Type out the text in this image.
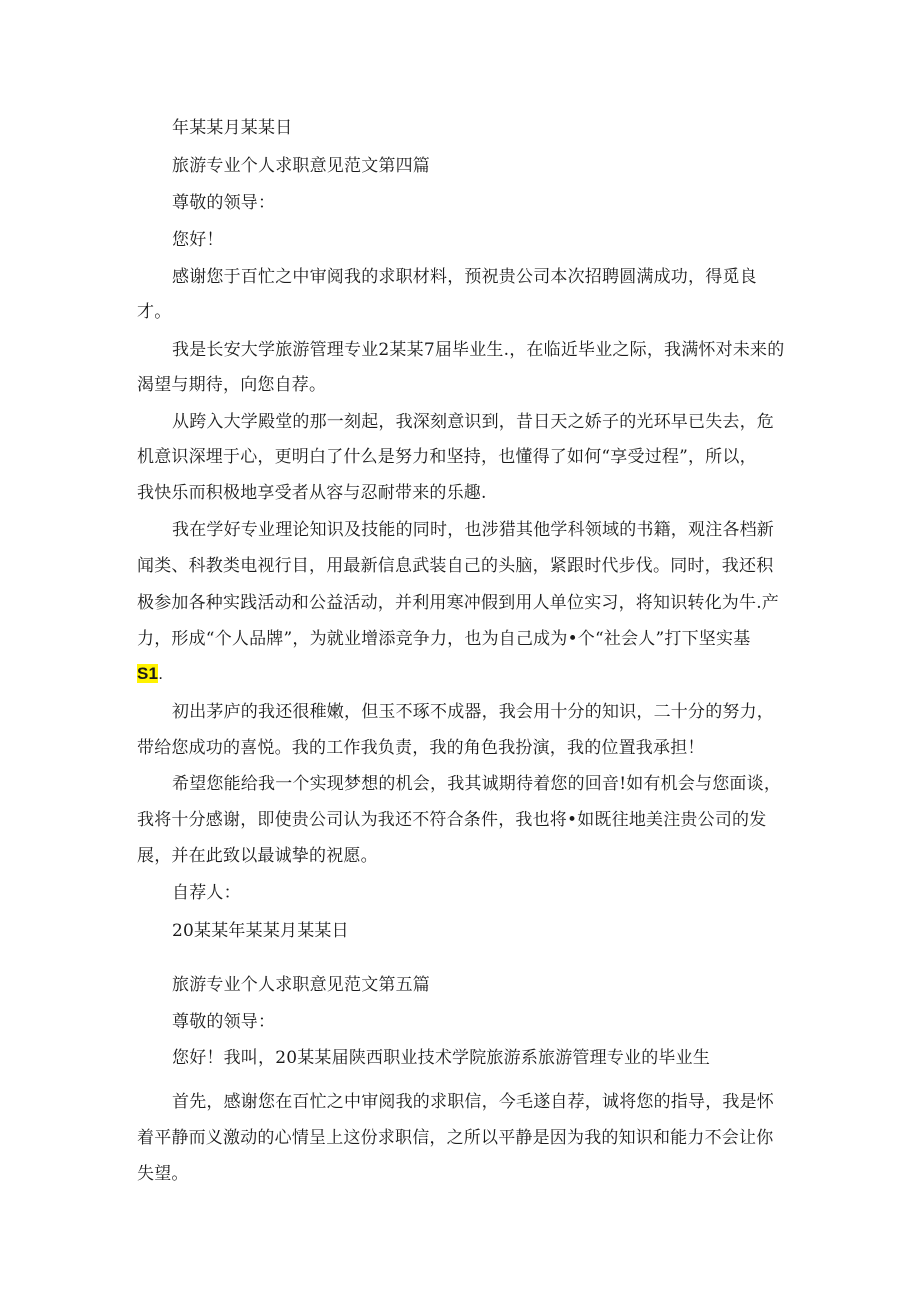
年某某月某某日
旅游专业个人求职意见范文第四篇
尊敬的领导：
您好！
感谢您于百忙之中审阅我的求职材料，预祝贵公司本次招聘圆满成功，得觅良
才。
我是长安大学旅游管理专业2某某7届毕业生.，在临近毕业之际，我满怀对未来的
渴望与期待，向您自荐。
从跨入大学殿堂的那一刻起，我深刻意识到，昔日天之娇子的光环早已失去，危
机意识深埋于心，更明白了什么是努力和坚持，也懂得了如何“享受过程”，所以，
我快乐而积极地享受者从容与忍耐带来的乐趣.
我在学好专业理论知识及技能的同时，也涉猎其他学科领域的书籍，观注各档新
闻类、科教类电视行目，用最新信息武装自己的头脑，紧跟时代步伐。同时，我还积
极参加各种实践活动和公益活动，并利用寒冲假到用人单位实习，将知识转化为牛.产
力，形成“个人品牌”，为就业增添竞争力，也为自己成为•个“社会人”打下坚实基
S1.
初出茅庐的我还很稚嫩，但玉不琢不成器，我会用十分的知识，二十分的努力，
带给您成功的喜悦。我的工作我负责，我的角色我扮演，我的位置我承担！
希望您能给我一个实现梦想的机会，我其诚期待着您的回音!如有机会与您面谈，
我将十分感谢，即使贵公司认为我还不符合条件，我也将•如既往地美注贵公司的发
展，并在此致以最诚挚的祝愿。
自荐人：
20某某年某某月某某日
旅游专业个人求职意见范文第五篇
尊敬的领导：
您好！我叫，20某某届陕西职业技术学院旅游系旅游管理专业的毕业生
首先，感谢您在百忙之中审阅我的求职信，今毛遂自荐，诚将您的指导，我是怀
着平静而义激动的心情呈上这份求职信，之所以平静是因为我的知识和能力不会让你
失望。
